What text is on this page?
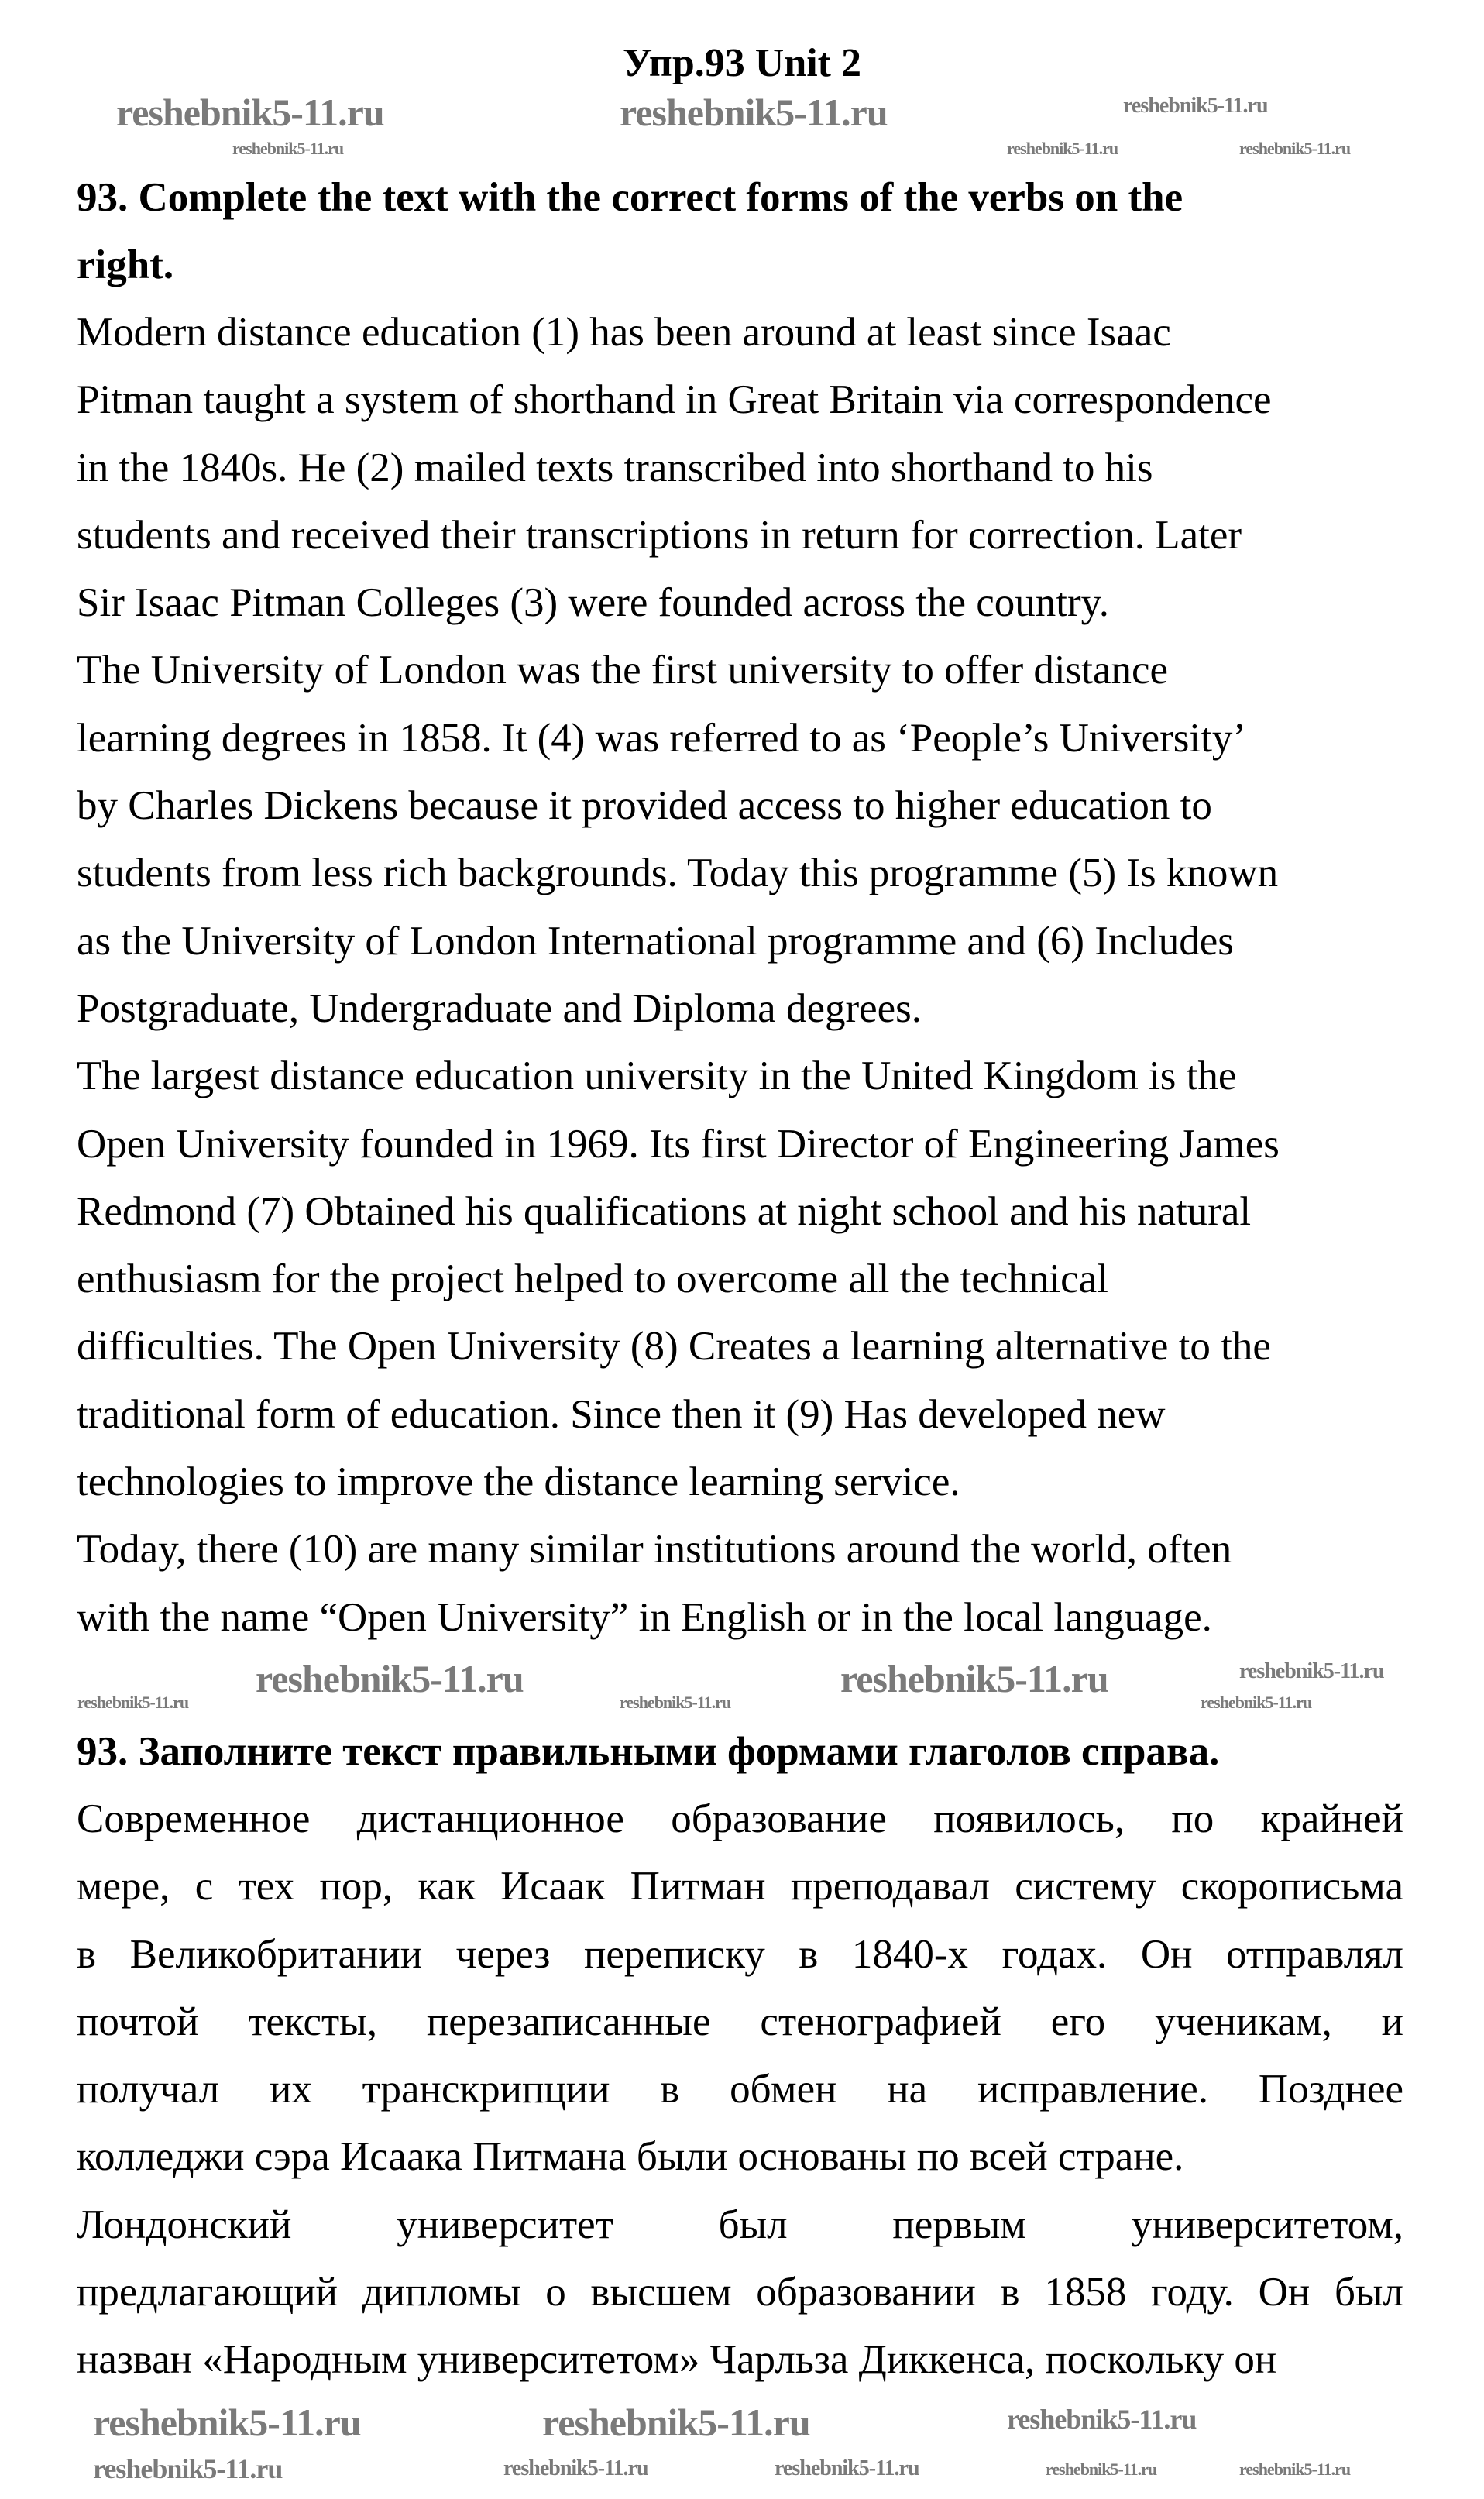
Упр.93 Unit 2
93. Complete the text with the correct forms of the verbs on the
right.
Modern distance education (1) has been around at least since Isaac
Pitman taught a system of shorthand in Great Britain via correspondence
in the 1840s. He (2) mailed texts transcribed into shorthand to his
students and received their transcriptions in return for correction. Later
Sir Isaac Pitman Colleges (3) were founded across the country.
The University of London was the first university to offer distance
learning degrees in 1858. It (4) was referred to as ‘People’s University’
by Charles Dickens because it provided access to higher education to
students from less rich backgrounds. Today this programme (5) Is known
as the University of London International programme and (6) Includes
Postgraduate, Undergraduate and Diploma degrees.
The largest distance education university in the United Kingdom is the
Open University founded in 1969. Its first Director of Engineering James
Redmond (7) Obtained his qualifications at night school and his natural
enthusiasm for the project helped to overcome all the technical
difficulties. The Open University (8) Creates a learning alternative to the
traditional form of education. Since then it (9) Has developed new
technologies to improve the distance learning service.
Today, there (10) are many similar institutions around the world, often
with the name “Open University” in English or in the local language.
93. Заполните текст правильными формами глаголов справа.
Современное дистанционное образование появилось, по крайней
мере, с тех пор, как Исаак Питман преподавал систему скорописьма
в Великобритании через переписку в 1840-х годах. Он отправлял
почтой тексты, перезаписанные стенографией его ученикам, и
получал их транскрипции в обмен на исправление. Позднее
колледжи сэра Исаака Питмана были основаны по всей стране.
Лондонский университет был первым университетом,
предлагающий дипломы о высшем образовании в 1858 году. Он был
назван «Народным университетом» Чарльза Диккенса, поскольку он
reshebnik5-11.ru	reshebnik5-11.ru	reshebnik5-11.ru
reshebnik5-11.ru	reshebnik5-11.ru	reshebnik5-11.ru
reshebnik5-11.ru	reshebnik5-11.ru	reshebnik5-11.ru
reshebnik5-11.ru	reshebnik5-11.ru	reshebnik5-11.ru
reshebnik5-11.ru	reshebnik5-11.ru	reshebnik5-11.ru
reshebnik5-11.ru	reshebnik5-11.ru	reshebnik5-11.ru	reshebnik5-11.ru	reshebnik5-11.ru
